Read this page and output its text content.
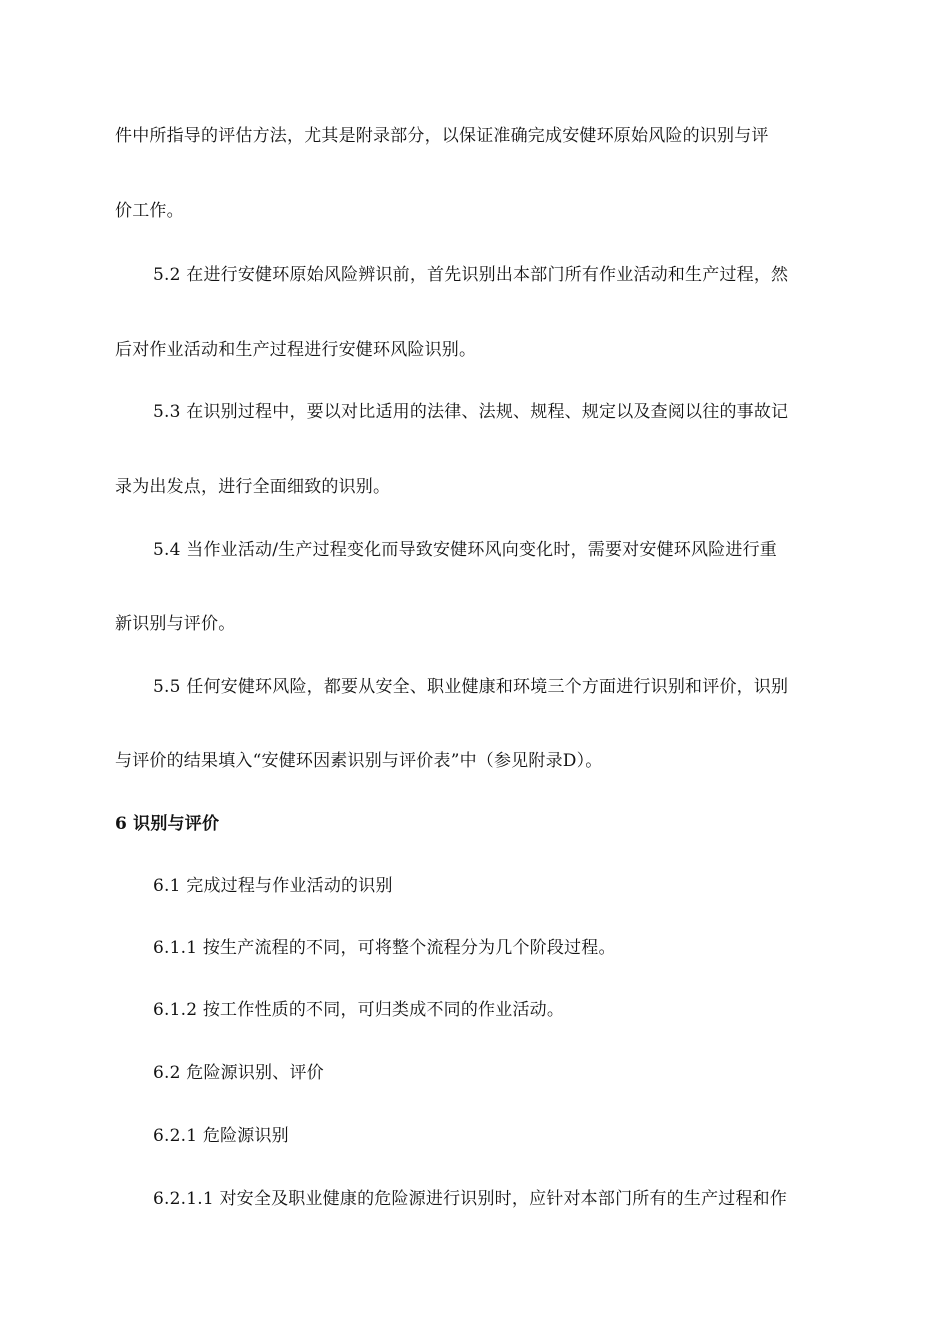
件中所指导的评估方法，尤其是附录部分，以保证准确完成安健环原始风险的识别与评
价工作。
5.2 在进行安健环原始风险辨识前，首先识别出本部门所有作业活动和生产过程，然
后对作业活动和生产过程进行安健环风险识别。
5.3 在识别过程中，要以对比适用的法律、法规、规程、规定以及查阅以往的事故记
录为出发点，进行全面细致的识别。
5.4 当作业活动/生产过程变化而导致安健环风向变化时，需要对安健环风险进行重
新识别与评价。
5.5 任何安健环风险，都要从安全、职业健康和环境三个方面进行识别和评价，识别
与评价的结果填入“安健环因素识别与评价表”中（参见附录D）。
6 识别与评价
6.1 完成过程与作业活动的识别
6.1.1 按生产流程的不同，可将整个流程分为几个阶段过程。
6.1.2 按工作性质的不同，可归类成不同的作业活动。
6.2 危险源识别、评价
6.2.1 危险源识别
6.2.1.1 对安全及职业健康的危险源进行识别时，应针对本部门所有的生产过程和作
